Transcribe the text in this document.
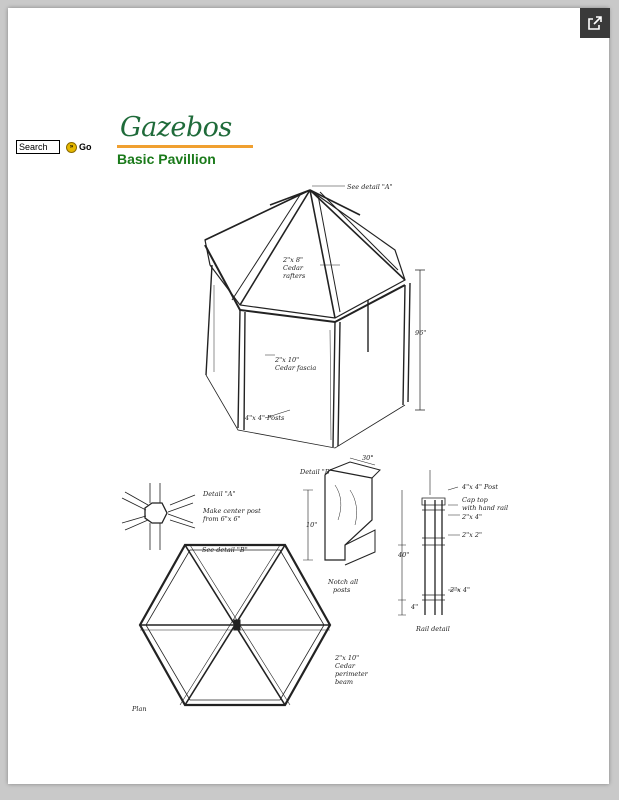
Search
» Go
Gazebos
Basic Pavillion
See detail "A"
2"x 8"
Cedar
rafters
96"
2"x 10"
Cedar fascia
4"x 4" Posts
Detail "A"
Make center post
from 6"x 6"
See detail "B"
Detail "B"
30°
10"
Notch all
posts
4"x 4" Post
Cap top
with hand rail
2"x 4"
2"x 2"
40"
2"x 4"
4"
Rail detail
2"x 10"
Cedar
perimeter
beam
Plan
